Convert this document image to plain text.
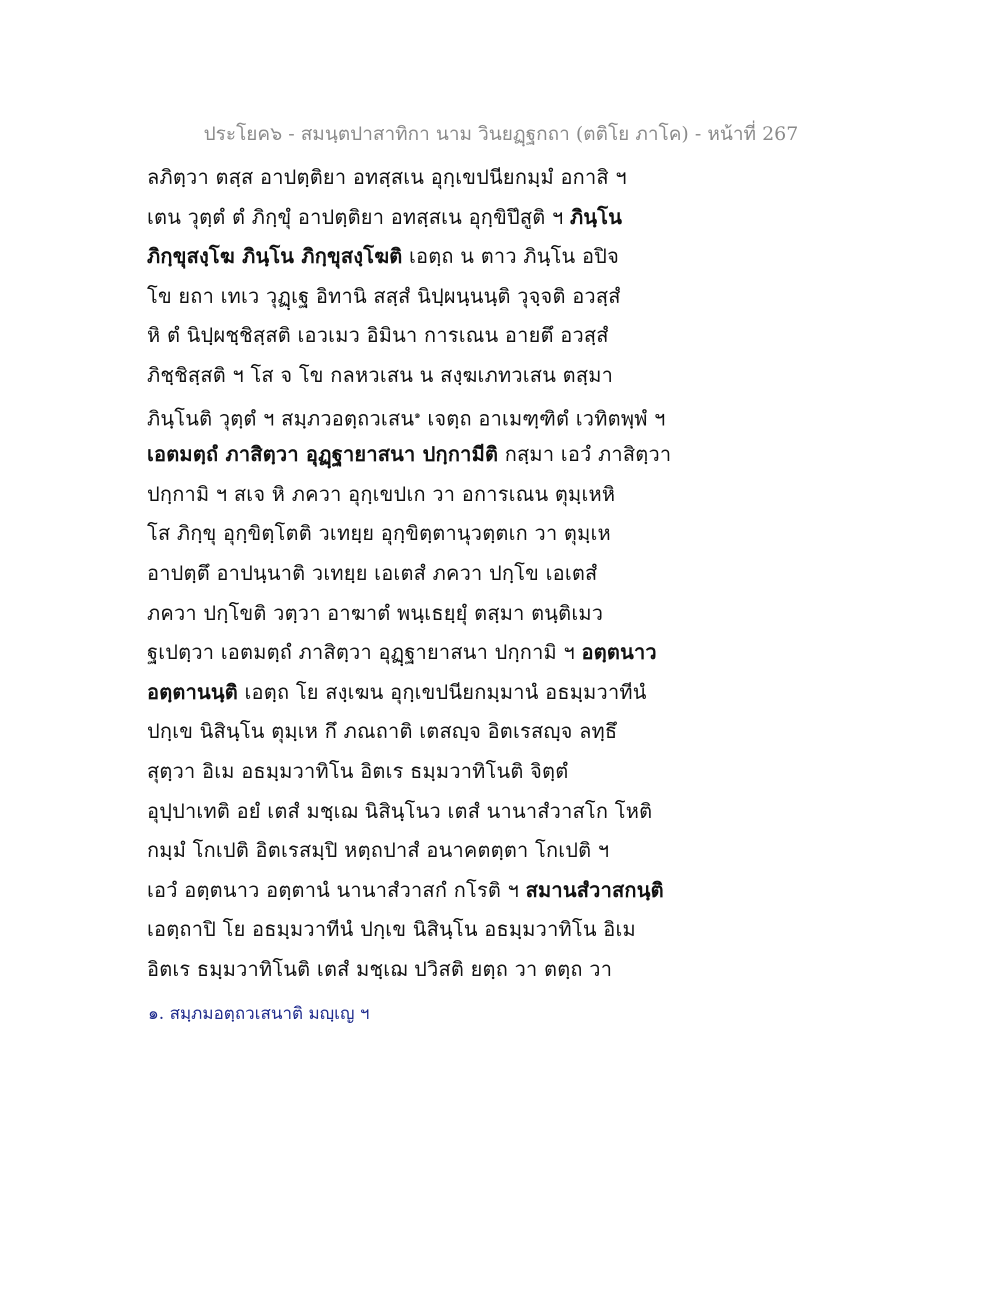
ประโยค๖ - สมนฺตปาสาทิกา นาม วินยฏฺฐกถา (ตติโย ภาโค) - หน้าที่ 267
ลภิตฺวา ตสฺส อาปตฺติยา อทสฺสเน อุกฺเขปนียกมฺมํ อกาสิ ฯ
เตน วุตฺตํ ตํ ภิกฺขุํ อาปตฺติยา อทสฺสเน อุกฺขิปึสูติ ฯ ภินฺโน
ภิกฺขุสงฺโฆ ภินฺโน ภิกฺขุสงฺโฆติ เอตฺถ น ตาว ภินฺโน อปิจ
โข ยถา เทเว วุฏฺเฐ อิทานิ สสฺสํ นิปฺผนฺนนฺติ วุจฺจติ อวสฺสํ
หิ ตํ นิปฺผชฺชิสฺสติ เอวเมว อิมินา การเณน อายตึ อวสฺสํ
ภิชฺชิสฺสติ ฯ โส จ โข กลหวเสน น สงฺฆเภทวเสน ตสฺมา
ภินฺโนติ วุตฺตํ ฯ สมฺภวอตฺถวเสน$^๑$ เจตฺถ อาเมฑฺฑิตํ เวทิตพฺพํ ฯ
เอตมตฺถํ ภาสิตฺวา อุฏฺฐายาสนา ปกฺกามีติ กสฺมา เอวํ ภาสิตฺวา
ปกฺกามิ ฯ สเจ หิ ภควา อุกฺเขปเก วา อการเณน ตุมฺเหหิ
โส ภิกฺขุ อุกฺขิตฺโตติ วเทยฺย อุกฺขิตฺตานุวตฺตเก วา ตุมฺเห
อาปตฺตึ อาปนฺนาติ วเทยฺย เอเตสํ ภควา ปกฺโข เอเตสํ
ภควา ปกฺโขติ วตฺวา อาฆาตํ พนฺเธยฺยุํ ตสฺมา ตนฺติเมว
ฐเปตฺวา เอตมตฺถํ ภาสิตฺวา อุฏฺฐายาสนา ปกฺกามิ ฯ อตฺตนาว
อตฺตานนฺติ เอตฺถ โย สงฺเฆน อุกฺเขปนียกมฺมานํ อธมฺมวาทีนํ
ปกฺเข นิสินฺโน ตุมฺเห กึ ภณถาติ เตสญฺจ อิตเรสญฺจ ลทฺธึ
สุตฺวา อิเม อธมฺมวาทิโน อิตเร ธมฺมวาทิโนติ จิตฺตํ
อุปฺปาเทติ อยํ เตสํ มชฺเฌ นิสินฺโนว เตสํ นานาสํวาสโก โหติ
กมฺมํ โกเปติ อิตเรสมฺปิ หตฺถปาสํ อนาคตตฺตา โกเปติ ฯ
เอวํ อตฺตนาว อตฺตานํ นานาสํวาสกํ กโรติ ฯ สมานสํวาสกนฺติ
เอตฺถาปิ โย อธมฺมวาทีนํ ปกฺเข นิสินฺโน อธมฺมวาทิโน อิเม
อิตเร ธมฺมวาทิโนติ เตสํ มชฺเฌ ปวิสติ ยตฺถ วา ตตฺถ วา
๑. สมฺภมอตฺถวเสนาติ มญฺเญ ฯ
